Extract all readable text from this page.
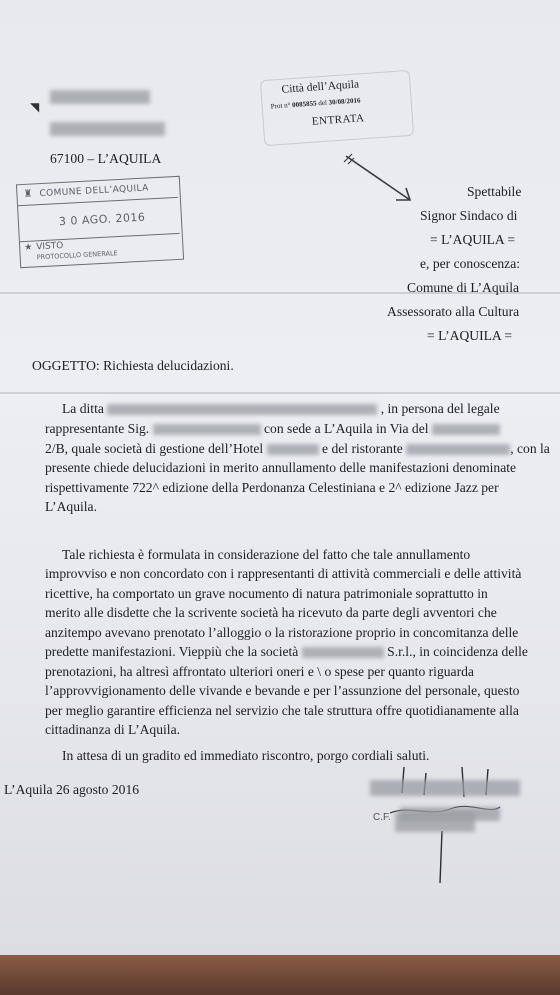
◥
67100 – L’AQUILA
Città dell’Aquila
Prot n° 0085855 del 30/08/2016
ENTRATA
♜ COMUNE DELL’AQUILA
3 0 AGO. 2016
★ VISTO
PROTOCOLLO GENERALE
Spettabile
Signor Sindaco di
= L’AQUILA =
e, per conoscenza:
Comune di L’Aquila
Assessorato alla Cultura
= L’AQUILA =
OGGETTO: Richiesta delucidazioni.
La ditta	, in persona del legale
rappresentante Sig.	con sede a L’Aquila in Via del
2/B, quale società di gestione dell’Hotel	e del ristorante	, con la
presente chiede delucidazioni in merito annullamento delle manifestazioni denominate
rispettivamente 722^ edizione della Perdonanza Celestiniana e 2^ edizione Jazz per
L’Aquila.
Tale richiesta è formulata in considerazione del fatto che tale annullamento
improvviso e non concordato con i rappresentanti di attività commerciali e delle attività
ricettive, ha comportato un grave nocumento di natura patrimoniale soprattutto in
merito alle disdette che la scrivente società ha ricevuto da parte degli avventori che
anzitempo avevano prenotato l’alloggio o la ristorazione proprio in concomitanza delle
predette manifestazioni. Vieppiù che la società	S.r.l., in coincidenza delle
prenotazioni, ha altresì affrontato ulteriori oneri e \ o spese per quanto riguarda
l’approvvigionamento delle vivande e bevande e per l’assunzione del personale, questo
per meglio garantire efficienza nel servizio che tale struttura offre quotidianamente alla
cittadinanza di L’Aquila.
In attesa di un gradito ed immediato riscontro, porgo cordiali saluti.
L’Aquila 26 agosto 2016
C.F.
